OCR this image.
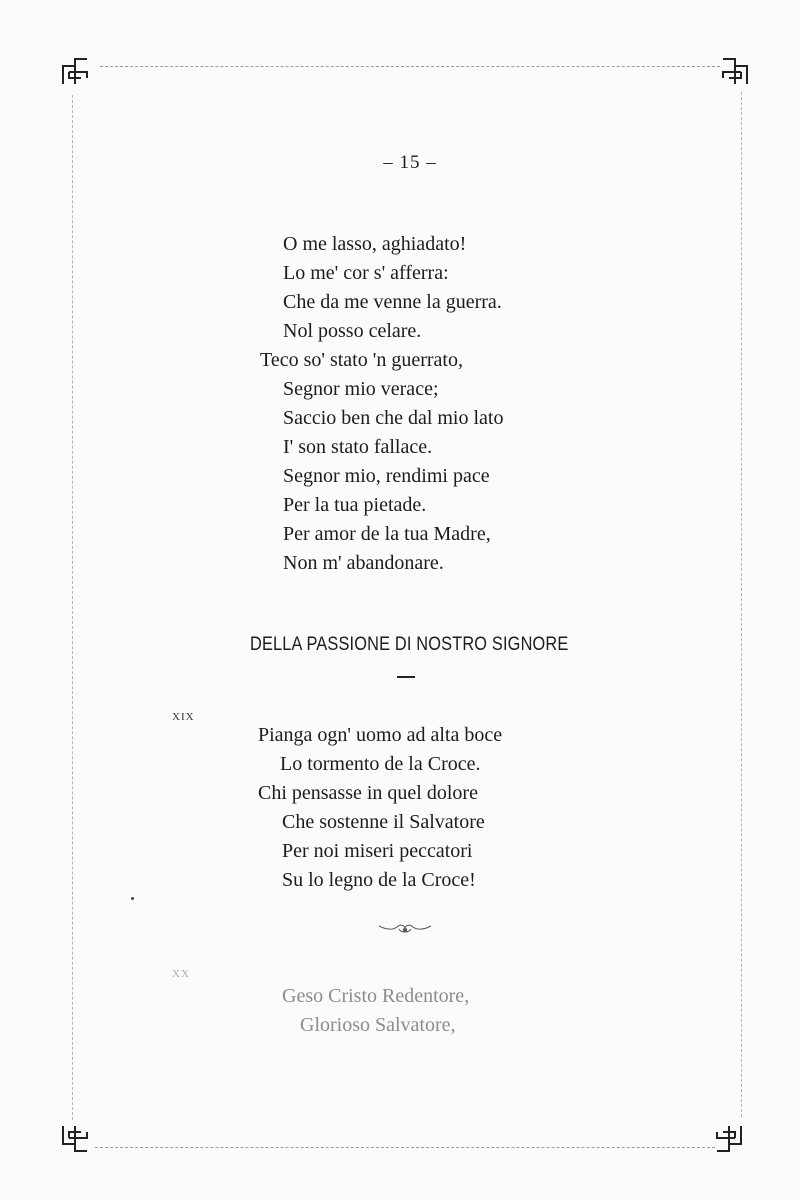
– 15 –
O me lasso, aghiadato!
Lo me' cor s' afferra:
Che da me venne la guerra.
Nol posso celare.
Teco so' stato 'n guerrato,
Segnor mio verace;
Saccio ben che dal mio lato
I' son stato fallace.
Segnor mio, rendimi pace
Per la tua pietade.
Per amor de la tua Madre,
Non m' abandonare.
DELLA PASSIONE DI NOSTRO SIGNORE
XIX
Pianga ogn' uomo ad alta boce
Lo tormento de la Croce.
Chi pensasse in quel dolore
Che sostenne il Salvatore
Per noi miseri peccatori
Su lo legno de la Croce!
XX
Geso Cristo Redentore,
Glorioso Salvatore,
